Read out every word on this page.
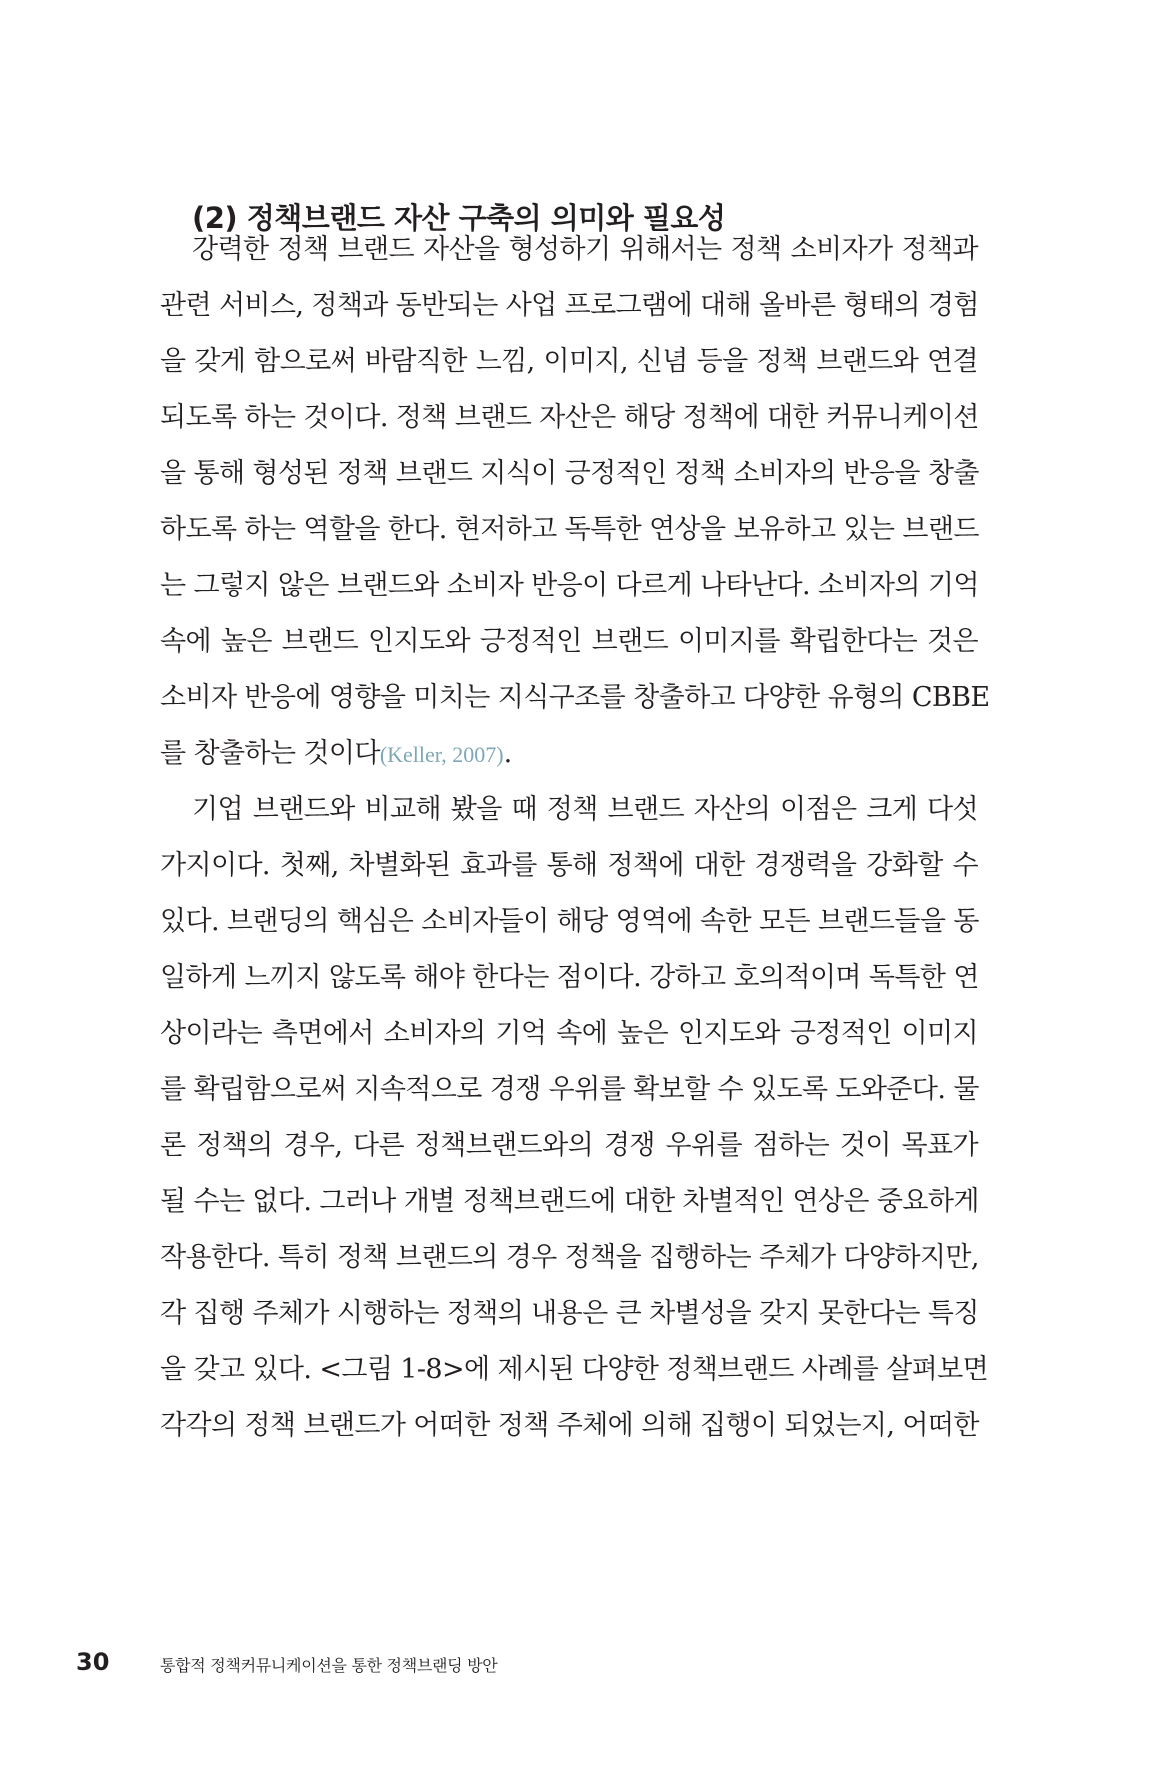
(2) 정책브랜드 자산 구축의 의미와 필요성
강력한 정책 브랜드 자산을 형성하기 위해서는 정책 소비자가 정책과
관련 서비스, 정책과 동반되는 사업 프로그램에 대해 올바른 형태의 경험
을 갖게 함으로써 바람직한 느낌, 이미지, 신념 등을 정책 브랜드와 연결
되도록 하는 것이다. 정책 브랜드 자산은 해당 정책에 대한 커뮤니케이션
을 통해 형성된 정책 브랜드 지식이 긍정적인 정책 소비자의 반응을 창출
하도록 하는 역할을 한다. 현저하고 독특한 연상을 보유하고 있는 브랜드
는 그렇지 않은 브랜드와 소비자 반응이 다르게 나타난다. 소비자의 기억
속에 높은 브랜드 인지도와 긍정적인 브랜드 이미지를 확립한다는 것은
소비자 반응에 영향을 미치는 지식구조를 창출하고 다양한 유형의 CBBE
를 창출하는 것이다(Keller, 2007).
기업 브랜드와 비교해 봤을 때 정책 브랜드 자산의 이점은 크게 다섯
가지이다. 첫째, 차별화된 효과를 통해 정책에 대한 경쟁력을 강화할 수
있다. 브랜딩의 핵심은 소비자들이 해당 영역에 속한 모든 브랜드들을 동
일하게 느끼지 않도록 해야 한다는 점이다. 강하고 호의적이며 독특한 연
상이라는 측면에서 소비자의 기억 속에 높은 인지도와 긍정적인 이미지
를 확립함으로써 지속적으로 경쟁 우위를 확보할 수 있도록 도와준다. 물
론 정책의 경우, 다른 정책브랜드와의 경쟁 우위를 점하는 것이 목표가
될 수는 없다. 그러나 개별 정책브랜드에 대한 차별적인 연상은 중요하게
작용한다. 특히 정책 브랜드의 경우 정책을 집행하는 주체가 다양하지만,
각 집행 주체가 시행하는 정책의 내용은 큰 차별성을 갖지 못한다는 특징
을 갖고 있다. <그림 1-8>에 제시된 다양한 정책브랜드 사례를 살펴보면
각각의 정책 브랜드가 어떠한 정책 주체에 의해 집행이 되었는지, 어떠한
30	통합적 정책커뮤니케이션을 통한 정책브랜딩 방안
